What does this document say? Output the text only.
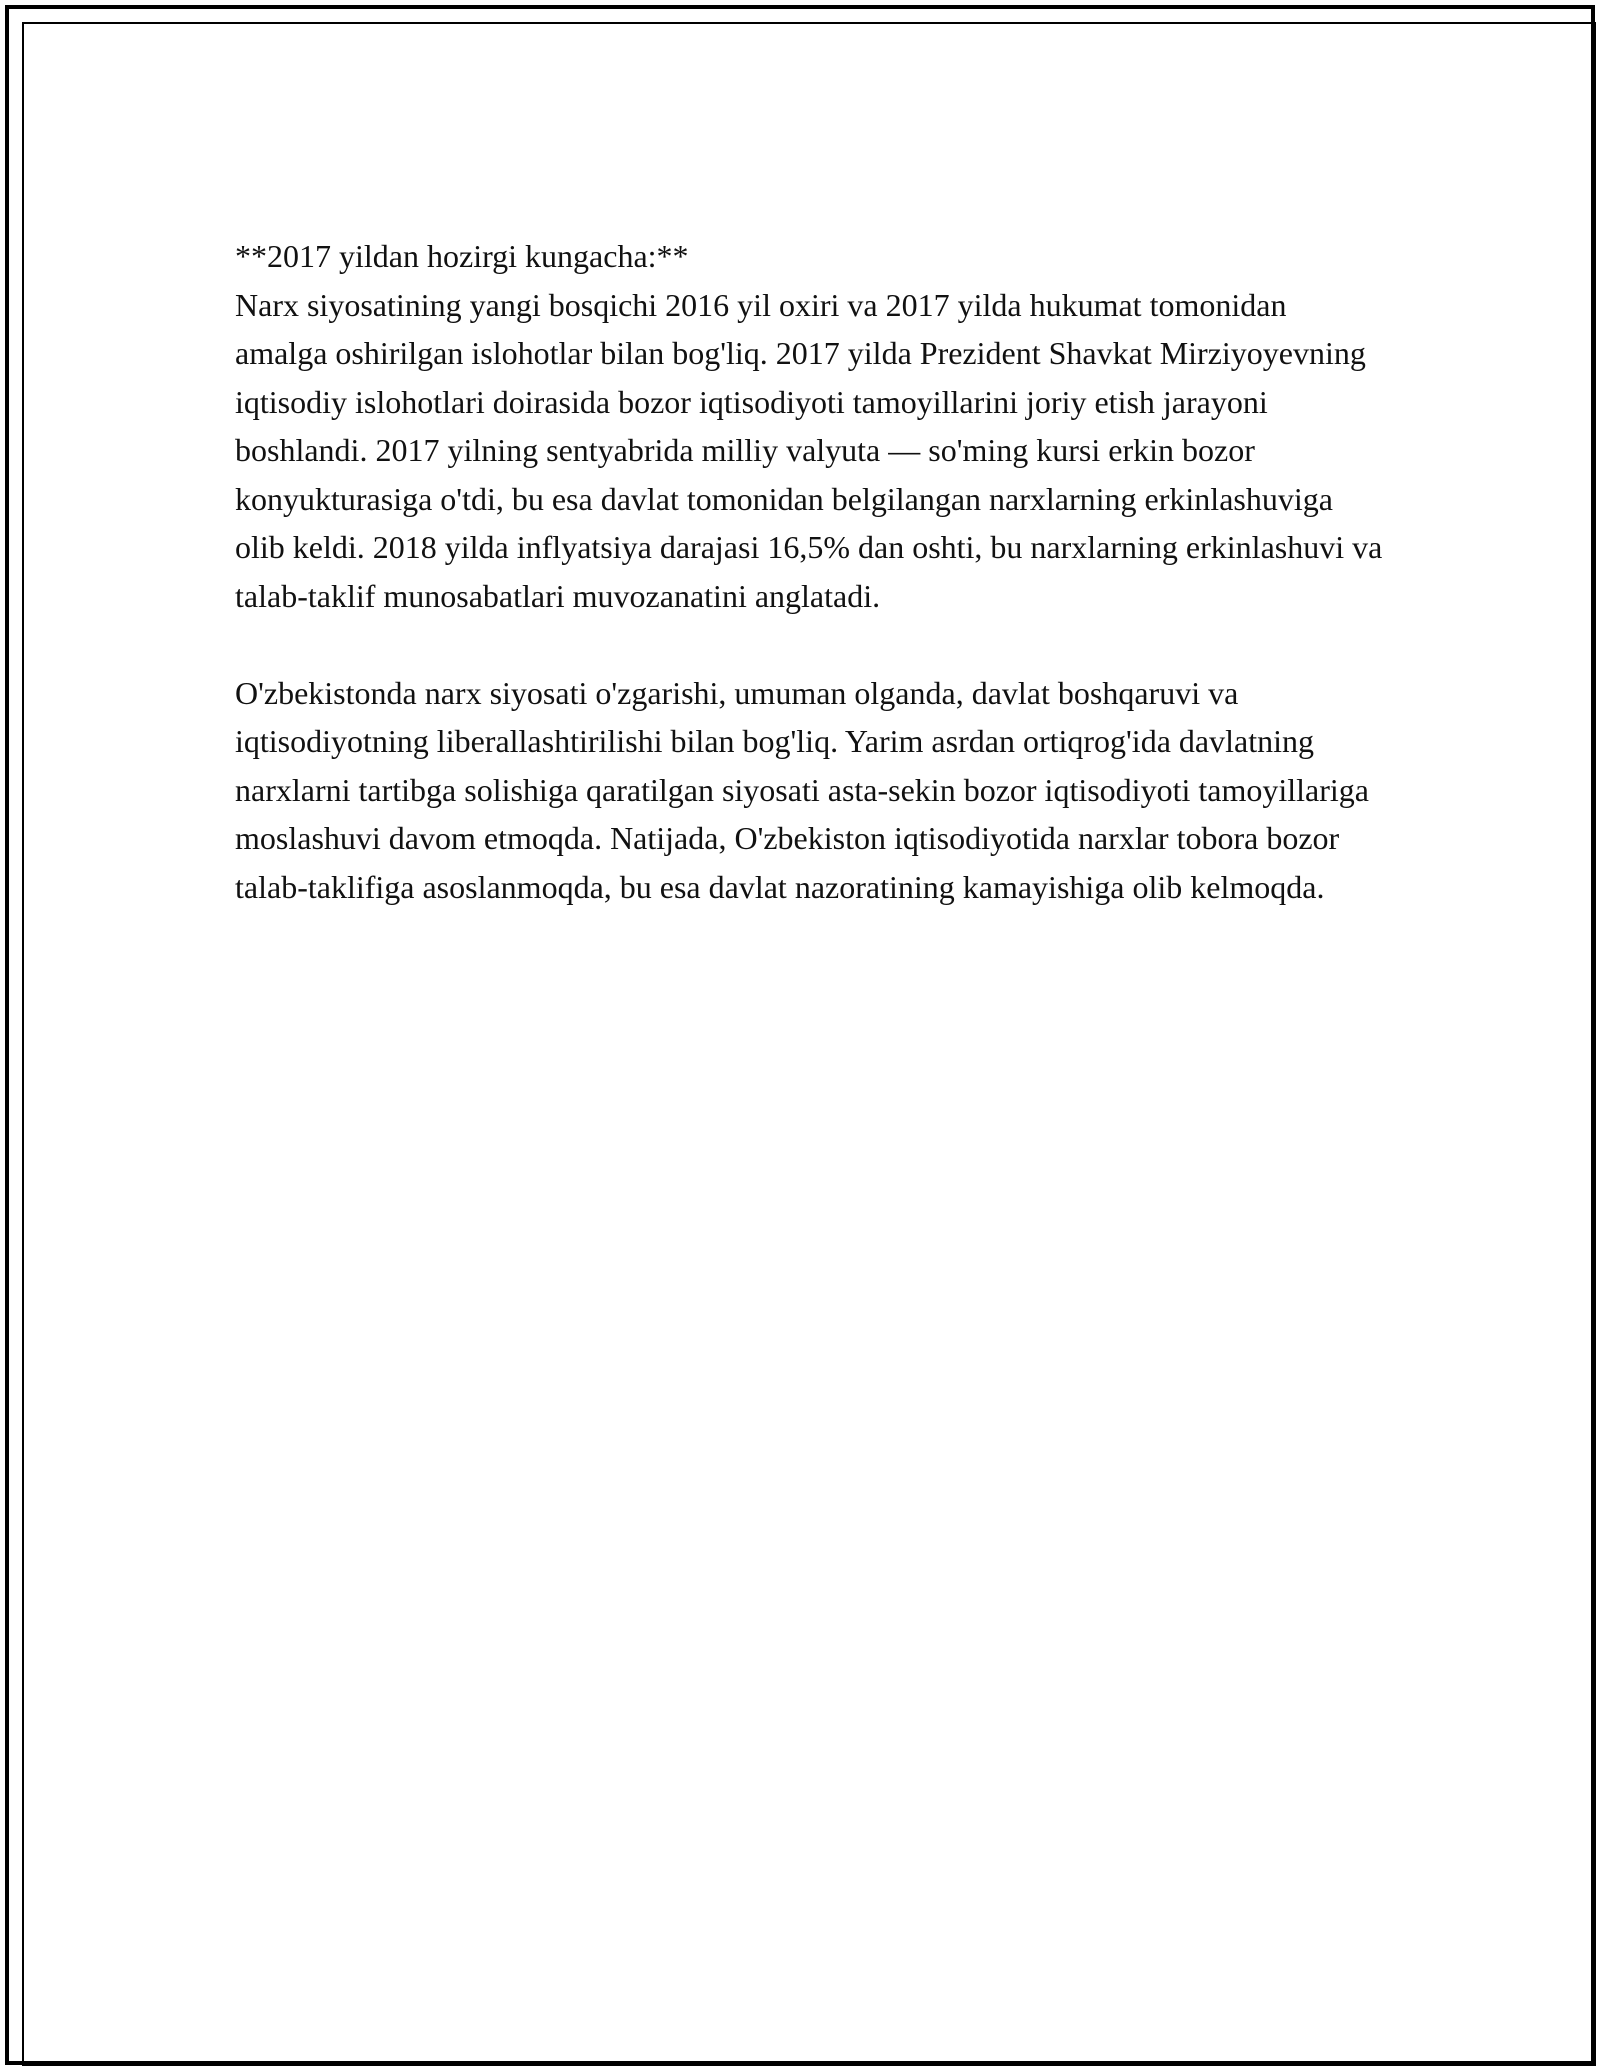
**2017 yildan hozirgi kungacha:**

Narx siyosatining yangi bosqichi 2016 yil oxiri va 2017 yilda hukumat tomonidan amalga oshirilgan islohotlar bilan bog'liq. 2017 yilda Prezident Shavkat Mirziyoyevning iqtisodiy islohotlari doirasida bozor iqtisodiyoti tamoyillarini joriy etish jarayoni boshlandi. 2017 yilning sentyabrida milliy valyuta — so'ming kursi erkin bozor konyukturasiga o'tdi, bu esa davlat tomonidan belgilangan narxlarning erkinlashuviga olib keldi. 2018 yilda inflyatsiya darajasi 16,5% dan oshti, bu narxlarning erkinlashuvi va talab-taklif munosabatlari muvozanatini anglatadi.

O'zbekistonda narx siyosati o'zgarishi, umuman olganda, davlat boshqaruvi va iqtisodiyotning liberallashtirilishi bilan bog'liq. Yarim asrdan ortiqrog'ida davlatning narxlarni tartibga solishiga qaratilgan siyosati asta-sekin bozor iqtisodiyoti tamoyillariga moslashuvi davom etmoqda. Natijada, O'zbekiston iqtisodiyotida narxlar tobora bozor talab-taklifiga asoslanmoqda, bu esa davlat nazoratining kamayishiga olib kelmoqda.
